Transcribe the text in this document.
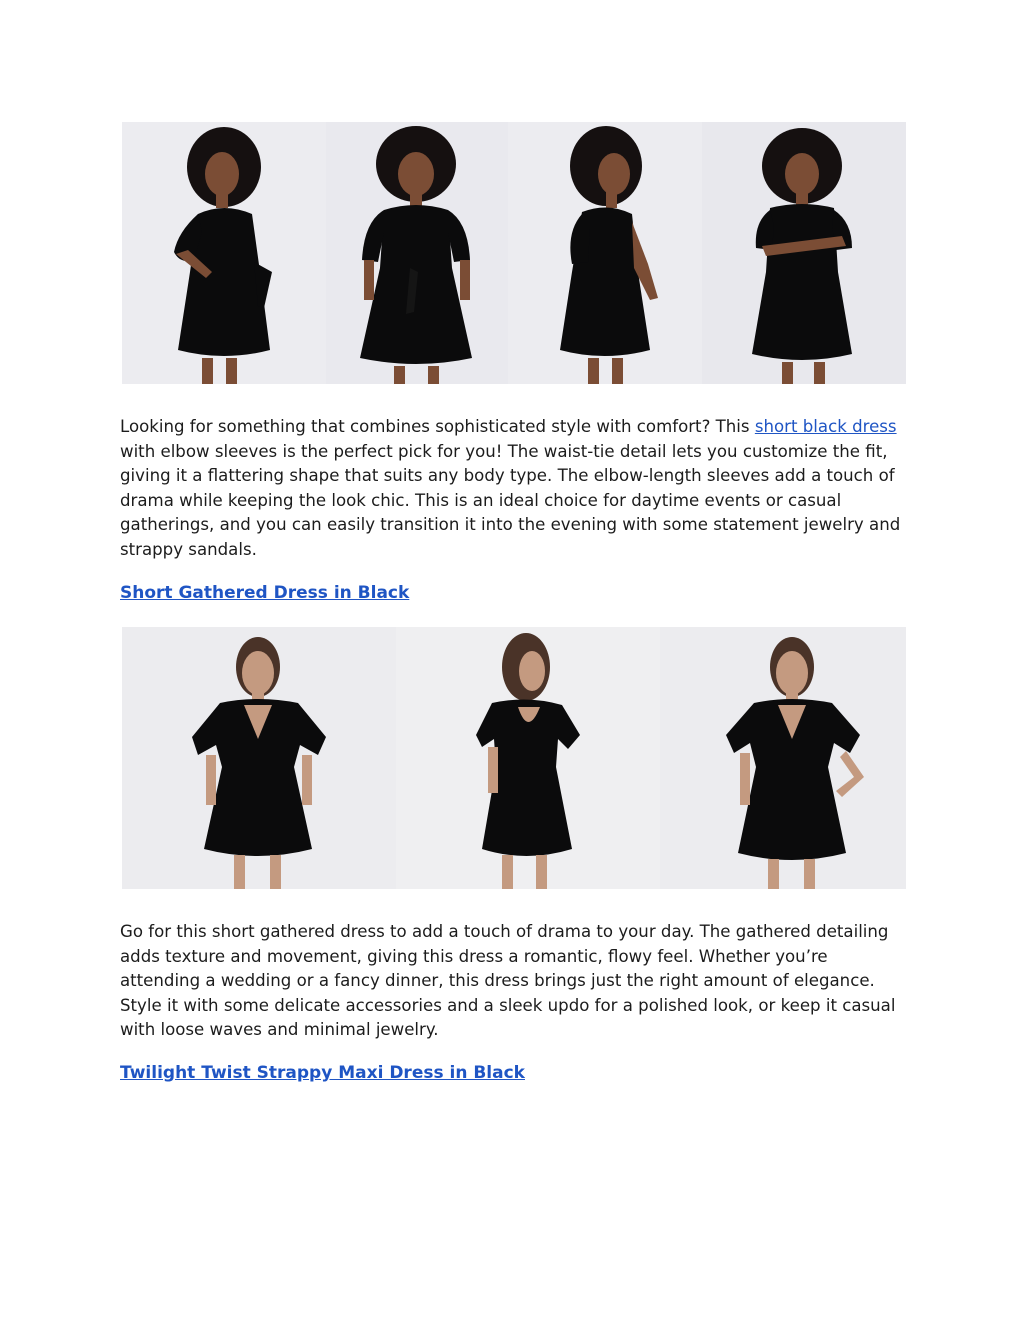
Looking for something that combines sophisticated style with comfort? This short black dress with elbow sleeves is the perfect pick for you! The waist-tie detail lets you customize the fit, giving it a flattering shape that suits any body type. The elbow-length sleeves add a touch of drama while keeping the look chic. This is an ideal choice for daytime events or casual gatherings, and you can easily transition it into the evening with some statement jewelry and strappy sandals.

Short Gathered Dress in Black

Go for this short gathered dress to add a touch of drama to your day. The gathered detailing adds texture and movement, giving this dress a romantic, flowy feel. Whether you’re attending a wedding or a fancy dinner, this dress brings just the right amount of elegance. Style it with some delicate accessories and a sleek updo for a polished look, or keep it casual with loose waves and minimal jewelry.

Twilight Twist Strappy Maxi Dress in Black
